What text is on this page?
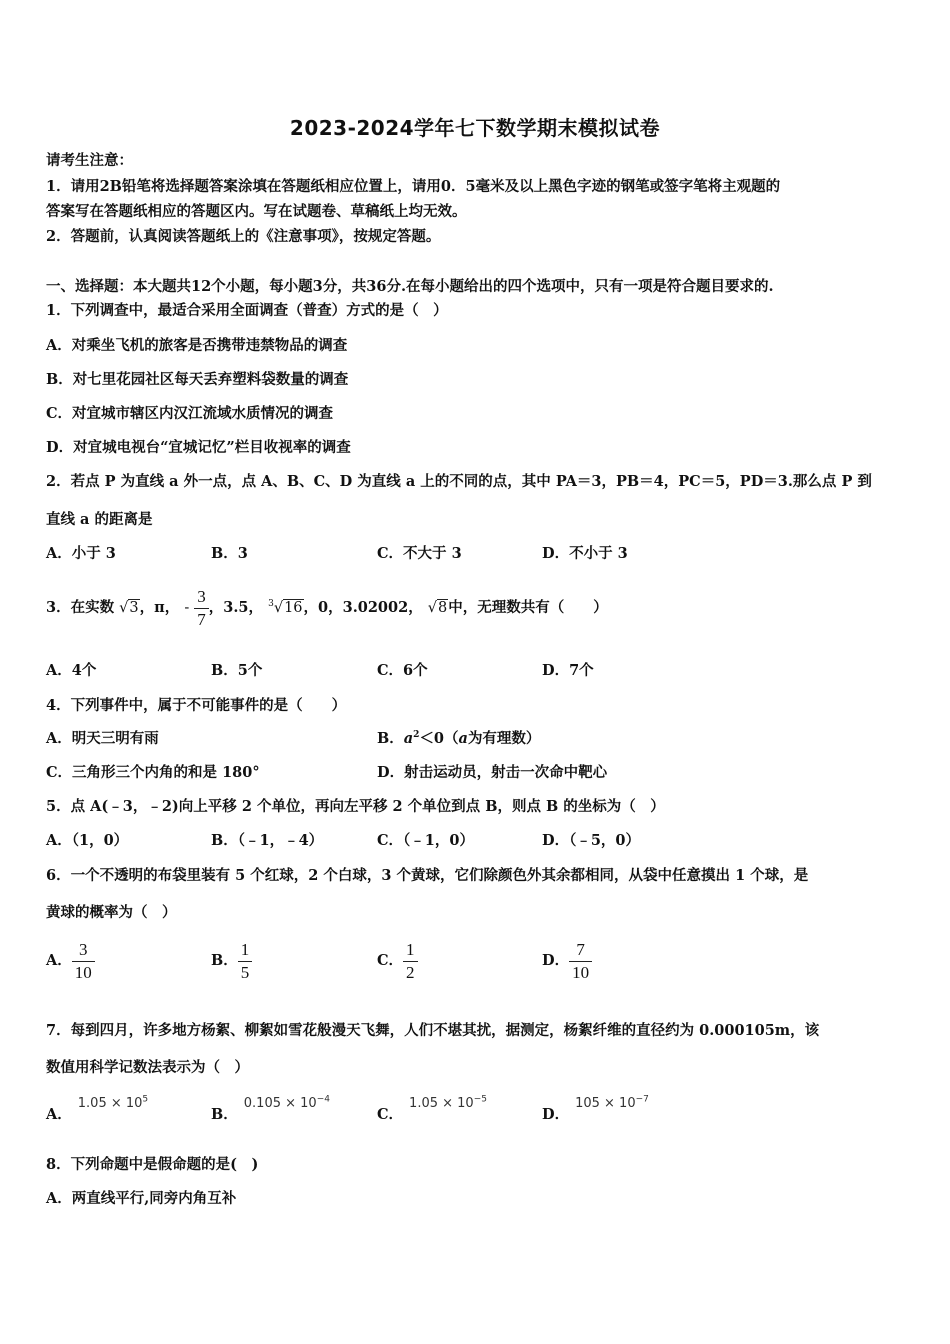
2023-2024学年七下数学期末模拟试卷
请考生注意：
1．请用2B铅笔将选择题答案涂填在答题纸相应位置上，请用0．5毫米及以上黑色字迹的钢笔或签字笔将主观题的
答案写在答题纸相应的答题区内。写在试题卷、草稿纸上均无效。
2．答题前，认真阅读答题纸上的《注意事项》，按规定答题。
一、选择题：本大题共12个小题，每小题3分，共36分.在每小题给出的四个选项中，只有一项是符合题目要求的.
1．下列调查中，最适合采用全面调查（普查）方式的是（　）
A．对乘坐飞机的旅客是否携带违禁物品的调查
B．对七里花园社区每天丢弃塑料袋数量的调查
C．对宜城市辖区内汉江流域水质情况的调查
D．对宜城电视台“宜城记忆”栏目收视率的调查
2．若点 P 为直线 a 外一点，点 A、B、C、D 为直线 a 上的不同的点，其中 PA＝3，PB＝4，PC＝5，PD＝3.那么点 P 到
直线 a 的距离是
A．小于 3	B．3	C．不大于 3	D．不小于 3
3．在实数 √3，π， - $\frac{3}{7}$ ，3.5， $^3$√16，0，3.02002， √8中，无理数共有（　　）
A．4个	B．5个	C．6个	D．7个
4．下列事件中，属于不可能事件的是（　　）
A．明天三明有雨	B．$a^2<0(a$为有理数）
C．三角形三个内角的和是 180°	D．射击运动员，射击一次命中靶心
5．点 A(﹣3，﹣2)向上平移 2 个单位，再向左平移 2 个单位到点 B，则点 B 的坐标为（　）
A．（1，0）	B．（﹣1，﹣4）	C．（﹣1，0）	D．（﹣5，0）
6．一个不透明的布袋里装有 5 个红球，2 个白球，3 个黄球，它们除颜色外其余都相同，从袋中任意摸出 1 个球，是
黄球的概率为（　）
A． $\frac{3}{10}$	B． $\frac{1}{5}$	C． $\frac{1}{2}$	D． $\frac{7}{10}$
7．每到四月，许多地方杨絮、柳絮如雪花般漫天飞舞，人们不堪其扰，据测定，杨絮纤维的直径约为 0.000105m，该
数值用科学记数法表示为（　）
A．$1.05 \times 10^5$
B．$0.105 \times 10^{-4}$
C．$1.05 \times 10^{-5}$
D．$105 \times 10^{-7}$
8．下列命题中是假命题的是(　)
A．两直线平行,同旁内角互补
